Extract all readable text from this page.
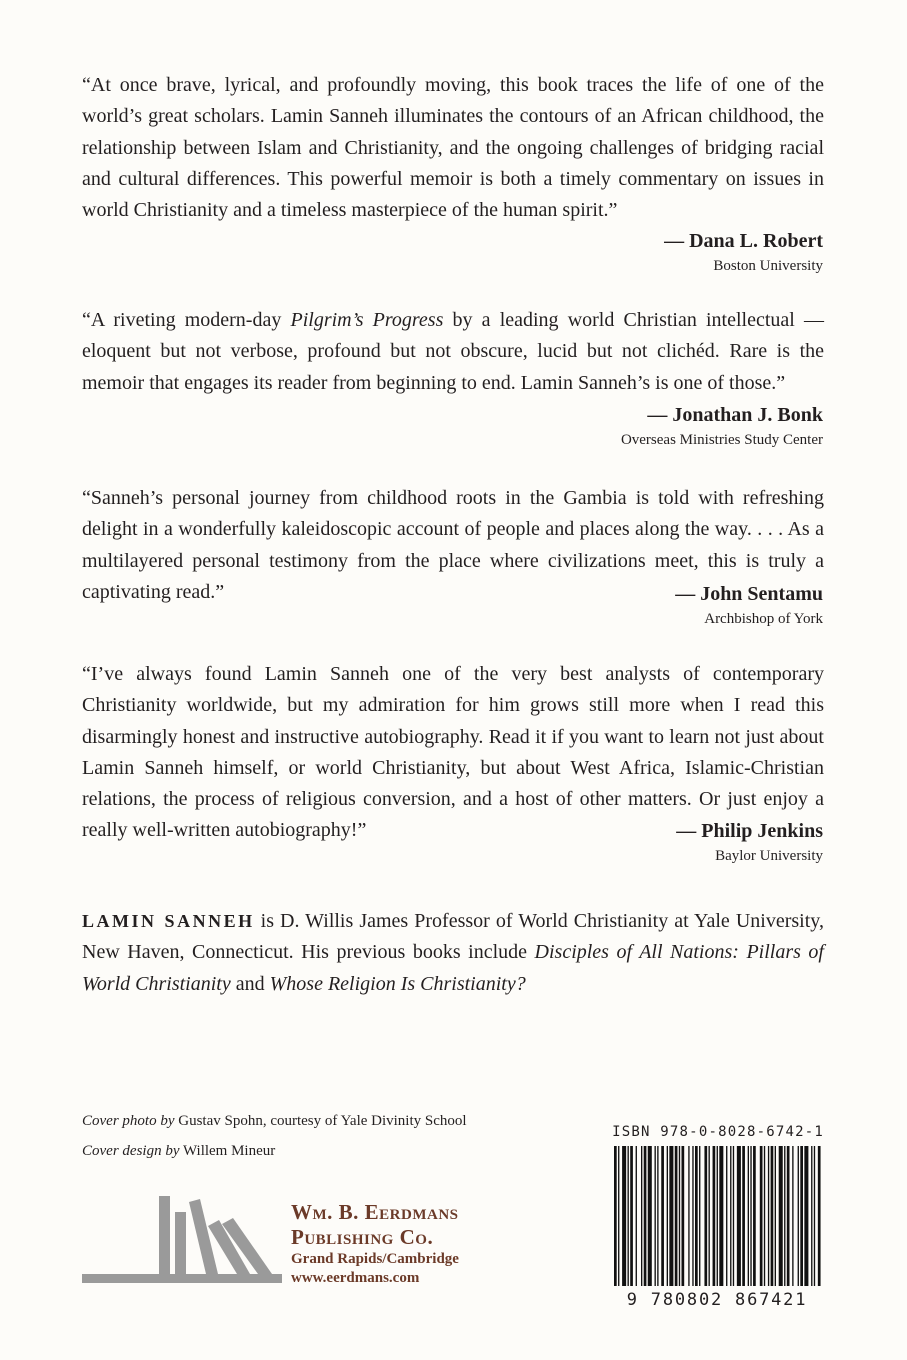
“At once brave, lyrical, and profoundly moving, this book traces the life of one of the world’s great scholars. Lamin Sanneh illuminates the contours of an African childhood, the relationship between Islam and Christianity, and the ongoing challenges of bridging racial and cultural differences. This powerful memoir is both a timely commentary on issues in world Christianity and a timeless masterpiece of the human spirit.”

— Dana L. Robert
Boston University

“A riveting modern-day Pilgrim’s Progress by a leading world Christian intellectual — eloquent but not verbose, profound but not obscure, lucid but not clichéd. Rare is the memoir that engages its reader from beginning to end. Lamin Sanneh’s is one of those.”

— Jonathan J. Bonk
Overseas Ministries Study Center

“Sanneh’s personal journey from childhood roots in the Gambia is told with refreshing delight in a wonderfully kaleidoscopic account of people and places along the way. . . . As a multilayered personal testimony from the place where civilizations meet, this is truly a captivating read.”	— John Sentamu
Archbishop of York

“I’ve always found Lamin Sanneh one of the very best analysts of contemporary Christianity worldwide, but my admiration for him grows still more when I read this disarmingly honest and instructive autobiography. Read it if you want to learn not just about Lamin Sanneh himself, or world Christianity, but about West Africa, Islamic-Christian relations, the process of religious conversion, and a host of other matters. Or just enjoy a really well-written autobiography!”	— Philip Jenkins
Baylor University

LAMIN SANNEH is D. Willis James Professor of World Christianity at Yale University, New Haven, Connecticut. His previous books include Disciples of All Nations: Pillars of World Christianity and Whose Religion Is Christianity?

Cover photo by Gustav Spohn, courtesy of Yale Divinity School
Cover design by Willem Mineur
Wm. B. Eerdmans
Publishing Co.
Grand Rapids/Cambridge
www.eerdmans.com
ISBN 978-0-8028-6742-1
9 780802 867421
